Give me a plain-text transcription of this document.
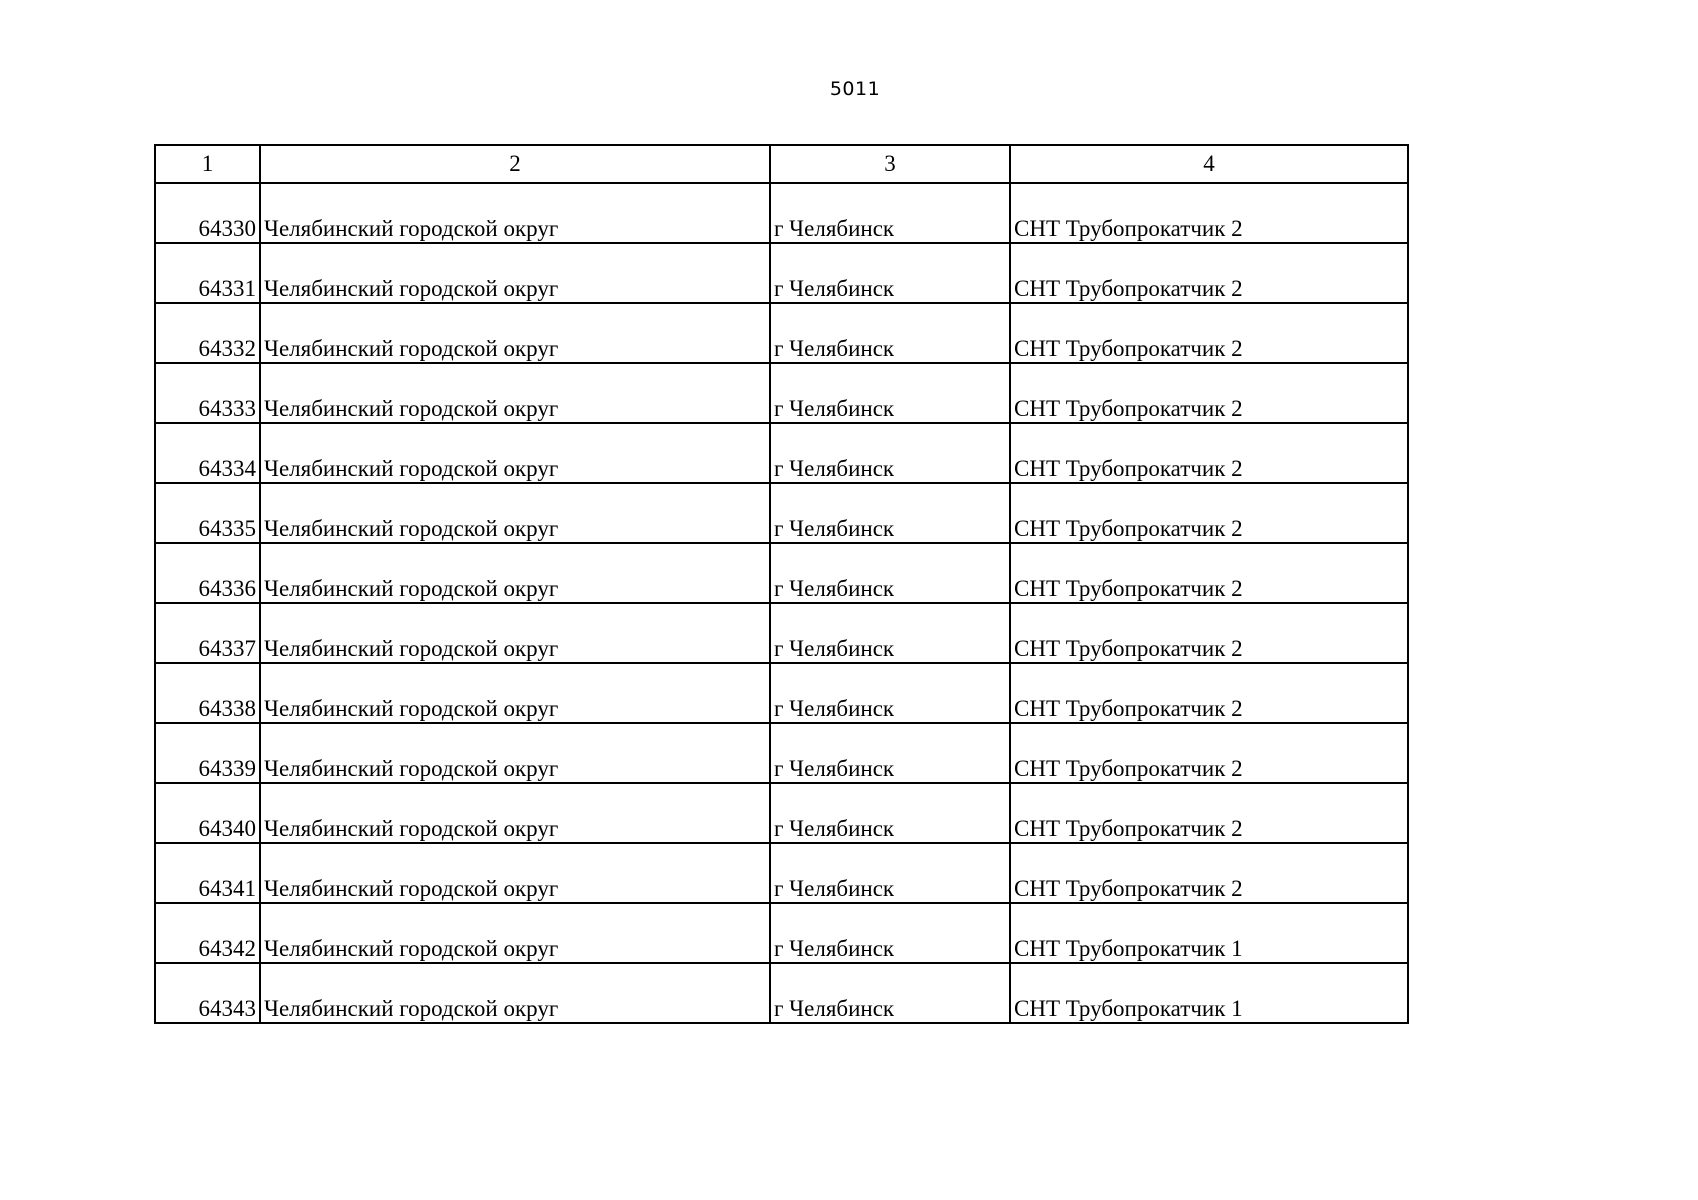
5011
1	2	3	4
64330	Челябинский городской округ	г Челябинск	СНТ Трубопрокатчик 2
64331	Челябинский городской округ	г Челябинск	СНТ Трубопрокатчик 2
64332	Челябинский городской округ	г Челябинск	СНТ Трубопрокатчик 2
64333	Челябинский городской округ	г Челябинск	СНТ Трубопрокатчик 2
64334	Челябинский городской округ	г Челябинск	СНТ Трубопрокатчик 2
64335	Челябинский городской округ	г Челябинск	СНТ Трубопрокатчик 2
64336	Челябинский городской округ	г Челябинск	СНТ Трубопрокатчик 2
64337	Челябинский городской округ	г Челябинск	СНТ Трубопрокатчик 2
64338	Челябинский городской округ	г Челябинск	СНТ Трубопрокатчик 2
64339	Челябинский городской округ	г Челябинск	СНТ Трубопрокатчик 2
64340	Челябинский городской округ	г Челябинск	СНТ Трубопрокатчик 2
64341	Челябинский городской округ	г Челябинск	СНТ Трубопрокатчик 2
64342	Челябинский городской округ	г Челябинск	СНТ Трубопрокатчик 1
64343	Челябинский городской округ	г Челябинск	СНТ Трубопрокатчик 1
